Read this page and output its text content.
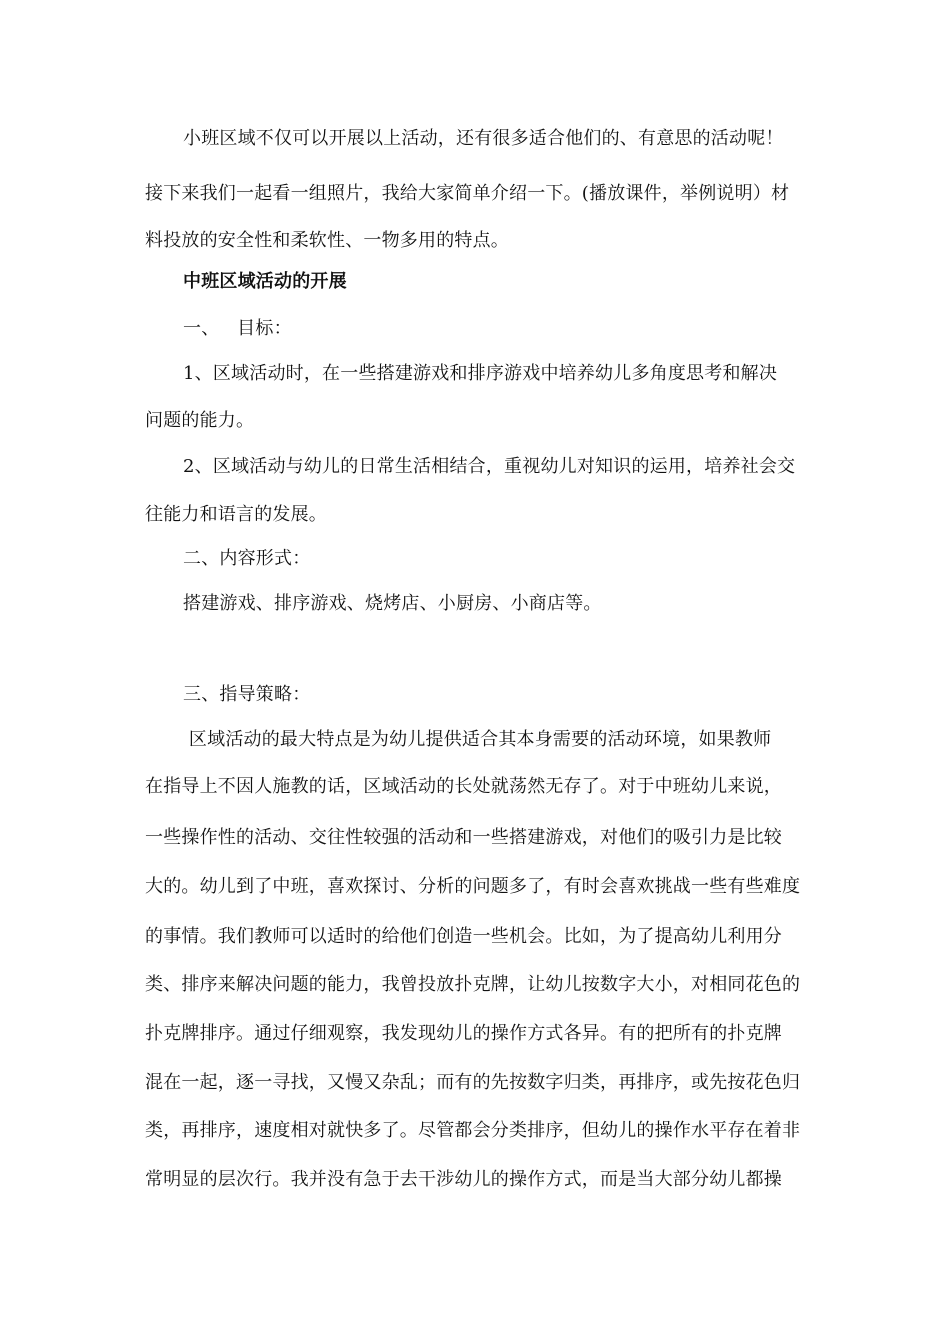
小班区域不仅可以开展以上活动，还有很多适合他们的、有意思的活动呢！
接下来我们一起看一组照片，我给大家简单介绍一下。(播放课件，举例说明）材
料投放的安全性和柔软性、一物多用的特点。
中班区域活动的开展
一、   目标：
1、区域活动时，在一些搭建游戏和排序游戏中培养幼儿多角度思考和解决
问题的能力。
2、区域活动与幼儿的日常生活相结合，重视幼儿对知识的运用，培养社会交
往能力和语言的发展。
二、内容形式：
搭建游戏、排序游戏、烧烤店、小厨房、小商店等。
三、指导策略：
区域活动的最大特点是为幼儿提供适合其本身需要的活动环境，如果教师
在指导上不因人施教的话，区域活动的长处就荡然无存了。对于中班幼儿来说，
一些操作性的活动、交往性较强的活动和一些搭建游戏，对他们的吸引力是比较
大的。幼儿到了中班，喜欢探讨、分析的问题多了，有时会喜欢挑战一些有些难度
的事情。我们教师可以适时的给他们创造一些机会。比如，为了提高幼儿利用分
类、排序来解决问题的能力，我曾投放扑克牌，让幼儿按数字大小，对相同花色的
扑克牌排序。通过仔细观察，我发现幼儿的操作方式各异。有的把所有的扑克牌
混在一起，逐一寻找，又慢又杂乱；而有的先按数字归类，再排序，或先按花色归
类，再排序，速度相对就快多了。尽管都会分类排序，但幼儿的操作水平存在着非
常明显的层次行。我并没有急于去干涉幼儿的操作方式，而是当大部分幼儿都操
